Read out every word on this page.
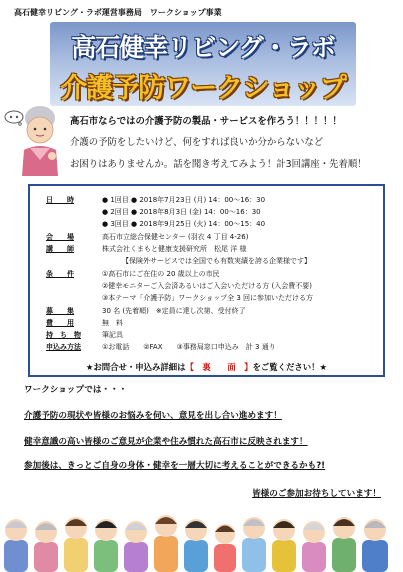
高石健幸リビング・ラボ運営事務局　ワークショップ事業
高石健幸リビング・ラボ
介護予防ワークショップ
高石市ならではの介護予防の製品・サービスを作ろう！！！！！
介護の予防をしたいけど、何をすれば良いか分からないなど
お困りはありませんか。話を聞き考えてみよう！計3回講座・先着順！
日　　時	● 1回目 ● 2018年7月23日 (月) 14：00～16：30
● 2回目 ● 2018年8月3日 (金) 14：00～16：30
● 3回目 ● 2018年9月25日 (火) 14：00～15：40
会　　場	高石市立総合保健センター (羽衣 4 丁目 4-26)
講　　師	株式会社くまもと健康支援研究所　松尾 洋 様
【保険外サービスでは全国でも有数実績を誇る企業様です】
条　　件	①高石市にご在住の 20 歳以上の市民
②健幸モニターご入会済あるいはご入会いただける方 (入会費不要)
③本テーマ「介護予防」ワークショップ全 3 回に参加いただける方
募　　集	30 名 (先着順)　※定員に達し次第、受付終了
費　　用	無　料
持　ち　物	筆記具
申込み方法	①お電話　　②FAX　　③事務局窓口申込み　計 3 通り
★お問合せ・申込み詳細は【　裏　　面　】をご覧ください！★
ワークショップでは・・・
介護予防の現状や皆様のお悩みを伺い、意見を出し合い進めます！
健幸意識の高い皆様のご意見が企業や住み慣れた高石市に反映されます！
参加後は、きっとご自身の身体・健幸を一層大切に考えることができるかも?!
皆様のご参加お待ちしています！
